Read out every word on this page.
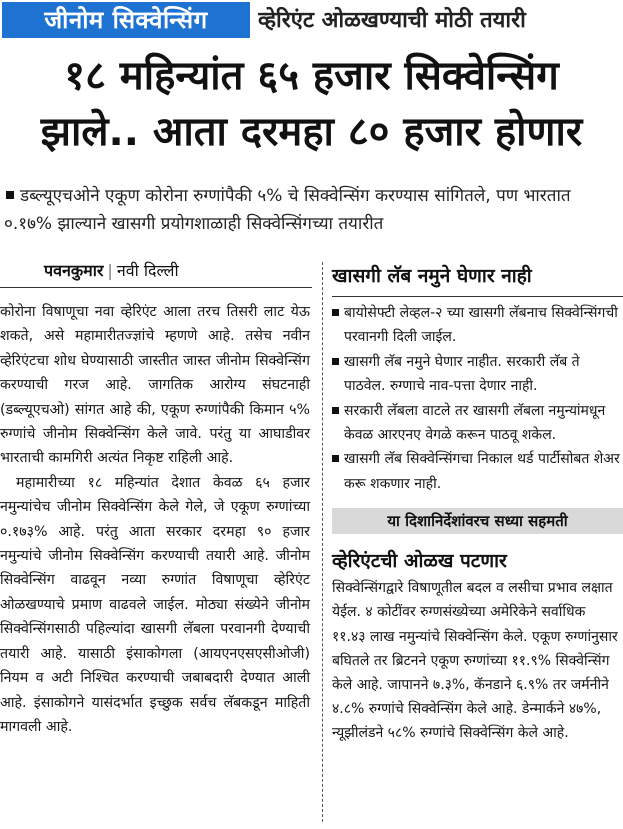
जीनोम सिक्वेन्सिंग	व्हेरिएंट ओळखण्याची मोठी तयारी
१८ महिन्यांत ६५ हजार सिक्वेन्सिंग
झाले.. आता दरमहा ८० हजार होणार
डब्ल्यूएचओने एकूण कोरोना रुग्णांपैकी ५% चे सिक्वेन्सिंग करण्यास सांगितले, पण भारतात ०.१७% झाल्याने खासगी प्रयोगशाळाही सिक्वेन्सिंगच्या तयारीत
पवनकुमार | नवी दिल्ली

कोरोना विषाणूचा नवा व्हेरिएंट आला तरच तिसरी लाट येऊ शकते, असे महामारीतज्ज्ञांचे म्हणणे आहे. तसेच नवीन व्हेरिएंटचा शोध घेण्यासाठी जास्तीत जास्त जीनोम सिक्वेन्सिंग करण्याची गरज आहे. जागतिक आरोग्य संघटनाही (डब्ल्यूएचओ) सांगत आहे की, एकूण रुग्णांपैकी किमान ५% रुग्णांचे जीनोम सिक्वेन्सिंग केले जावे. परंतु या आघाडीवर भारताची कामगिरी अत्यंत निकृष्ट राहिली आहे.

महामारीच्या १८ महिन्यांत देशात केवळ ६५ हजार नमुन्यांचेच जीनोम सिक्वेन्सिंग केले गेले, जे एकूण रुग्णांच्या ०.१७३% आहे. परंतु आता सरकार दरमहा ९० हजार नमुन्यांचे जीनोम सिक्वेन्सिंग करण्याची तयारी आहे. जीनोम सिक्वेन्सिंग वाढवून नव्या रुग्णांत विषाणूचा व्हेरिएंट ओळखण्याचे प्रमाण वाढवले जाईल. मोठ्या संख्येने जीनोम सिक्वेन्सिंगसाठी पहिल्यांदा खासगी लॅबला परवानगी देण्याची तयारी आहे. यासाठी इंसाकोगला (आयएनएसएसीओजी) नियम व अटी निश्चित करण्याची जबाबदारी देण्यात आली आहे. इंसाकोगने यासंदर्भात इच्छुक सर्वच लॅबकडून माहिती मागवली आहे.

खासगी लॅब नमुने घेणार नाही
बायोसेफ्टी लेव्हल-२ च्या खासगी लॅबनाच सिक्वेन्सिंगची परवानगी दिली जाईल.
खासगी लॅब नमुने घेणार नाहीत. सरकारी लॅब ते पाठवेल. रुग्णाचे नाव-पत्ता देणार नाही.
सरकारी लॅबला वाटले तर खासगी लॅबला नमुन्यांमधून केवळ आरएनए वेगळे करून पाठवू शकेल.
खासगी लॅब सिक्वेन्सिंगचा निकाल थर्ड पार्टीसोबत शेअर करू शकणार नाही.
या दिशानिर्देशांवरच सध्या सहमती
व्हेरिएंटची ओळख पटणार

सिक्वेन्सिंगद्वारे विषाणूतील बदल व लसीचा प्रभाव लक्षात येईल. ४ कोटींवर रुग्णसंख्येच्या अमेरिकेने सर्वाधिक ११.४३ लाख नमुन्यांचे सिक्वेन्सिंग केले. एकूण रुग्णांनुसार बघितले तर ब्रिटनने एकूण रुग्णांच्या ११.९% सिक्वेन्सिंग केले आहे. जापानने ७.३%, कॅनडाने ६.९% तर जर्मनीने ४.८% रुग्णांचे सिक्वेन्सिंग केले आहे. डेन्मार्कने ४७%, न्यूझीलंडने ५८% रुग्णांचे सिक्वेन्सिंग केले आहे.
